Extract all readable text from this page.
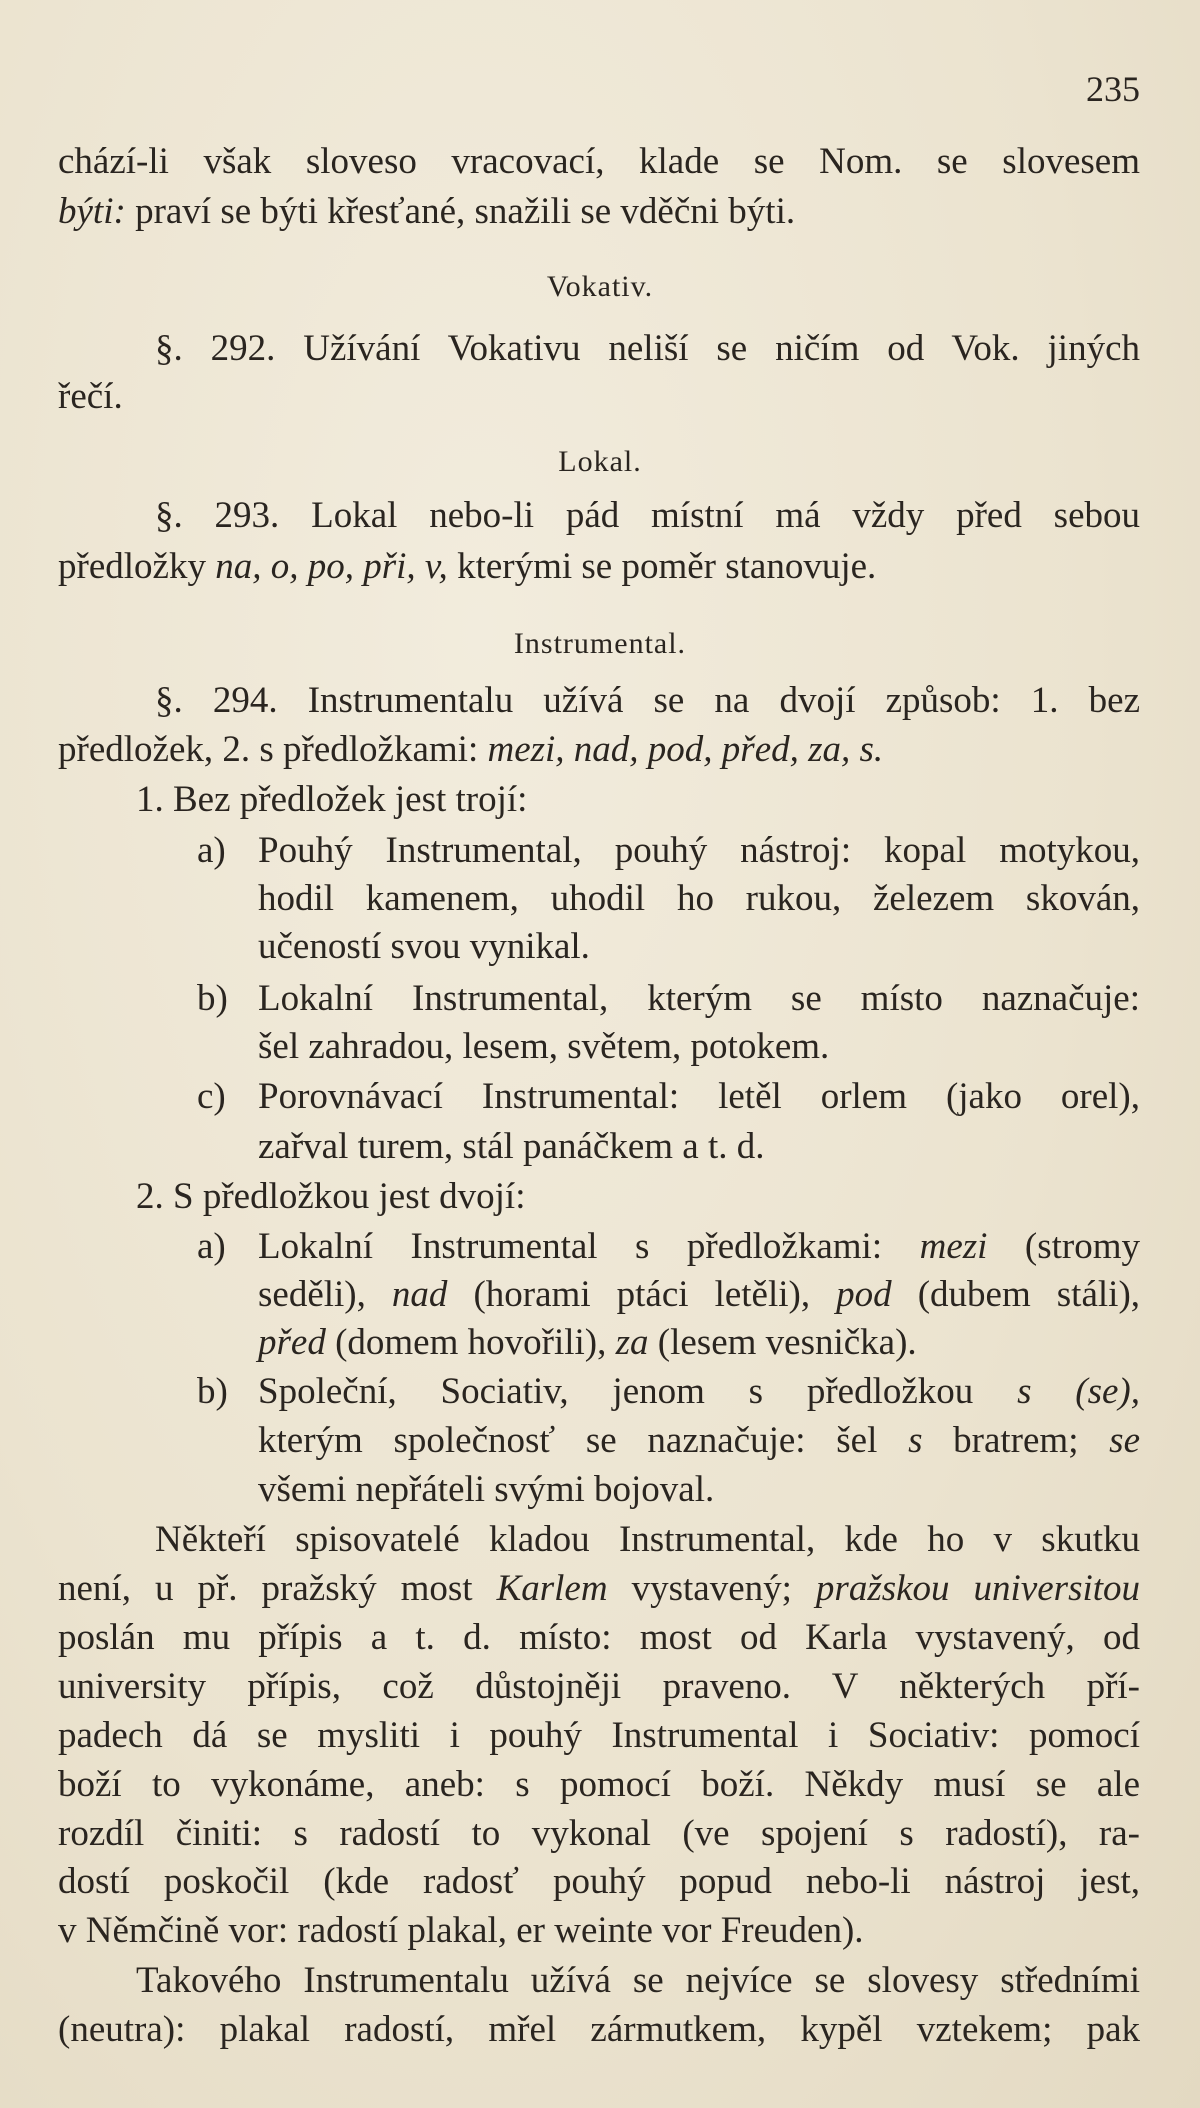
235
chází-li však sloveso vracovací, klade se Nom. se slovesem
býti: praví se býti křesťané, snažili se vděčni býti.
Vokativ.
§. 292. Užívání Vokativu neliší se ničím od Vok. jiných
řečí.
Lokal.
§. 293. Lokal nebo-li pád místní má vždy před sebou
předložky na, o, po, při, v, kterými se poměr stanovuje.
Instrumental.
§. 294. Instrumentalu užívá se na dvojí způsob: 1. bez
předložek, 2. s předložkami: mezi, nad, pod, před, za, s.
1. Bez předložek jest trojí:
a) Pouhý Instrumental, pouhý nástroj: kopal motykou,
hodil kamenem, uhodil ho rukou, železem skován,
učeností svou vynikal.
b) Lokalní Instrumental, kterým se místo naznačuje:
šel zahradou, lesem, světem, potokem.
c) Porovnávací Instrumental: letěl orlem (jako orel),
zařval turem, stál panáčkem a t. d.
2. S předložkou jest dvojí:
a) Lokalní Instrumental s předložkami: mezi (stromy
seděli), nad (horami ptáci letěli), pod (dubem stáli),
před (domem hovořili), za (lesem vesnička).
b) Společní, Sociativ, jenom s předložkou s (se),
kterým společnosť se naznačuje: šel s bratrem; se
všemi nepřáteli svými bojoval.
Někteří spisovatelé kladou Instrumental, kde ho v skutku
není, u př. pražský most Karlem vystavený; pražskou universitou
poslán mu přípis a t. d. místo: most od Karla vystavený, od
university přípis, což důstojněji praveno. V některých pří-
padech dá se mysliti i pouhý Instrumental i Sociativ: pomocí
boží to vykonáme, aneb: s pomocí boží. Někdy musí se ale
rozdíl činiti: s radostí to vykonal (ve spojení s radostí), ra-
dostí poskočil (kde radosť pouhý popud nebo-li nástroj jest,
v Němčině vor: radostí plakal, er weinte vor Freuden).
Takového Instrumentalu užívá se nejvíce se slovesy středními
(neutra): plakal radostí, mřel zármutkem, kypěl vztekem; pak
